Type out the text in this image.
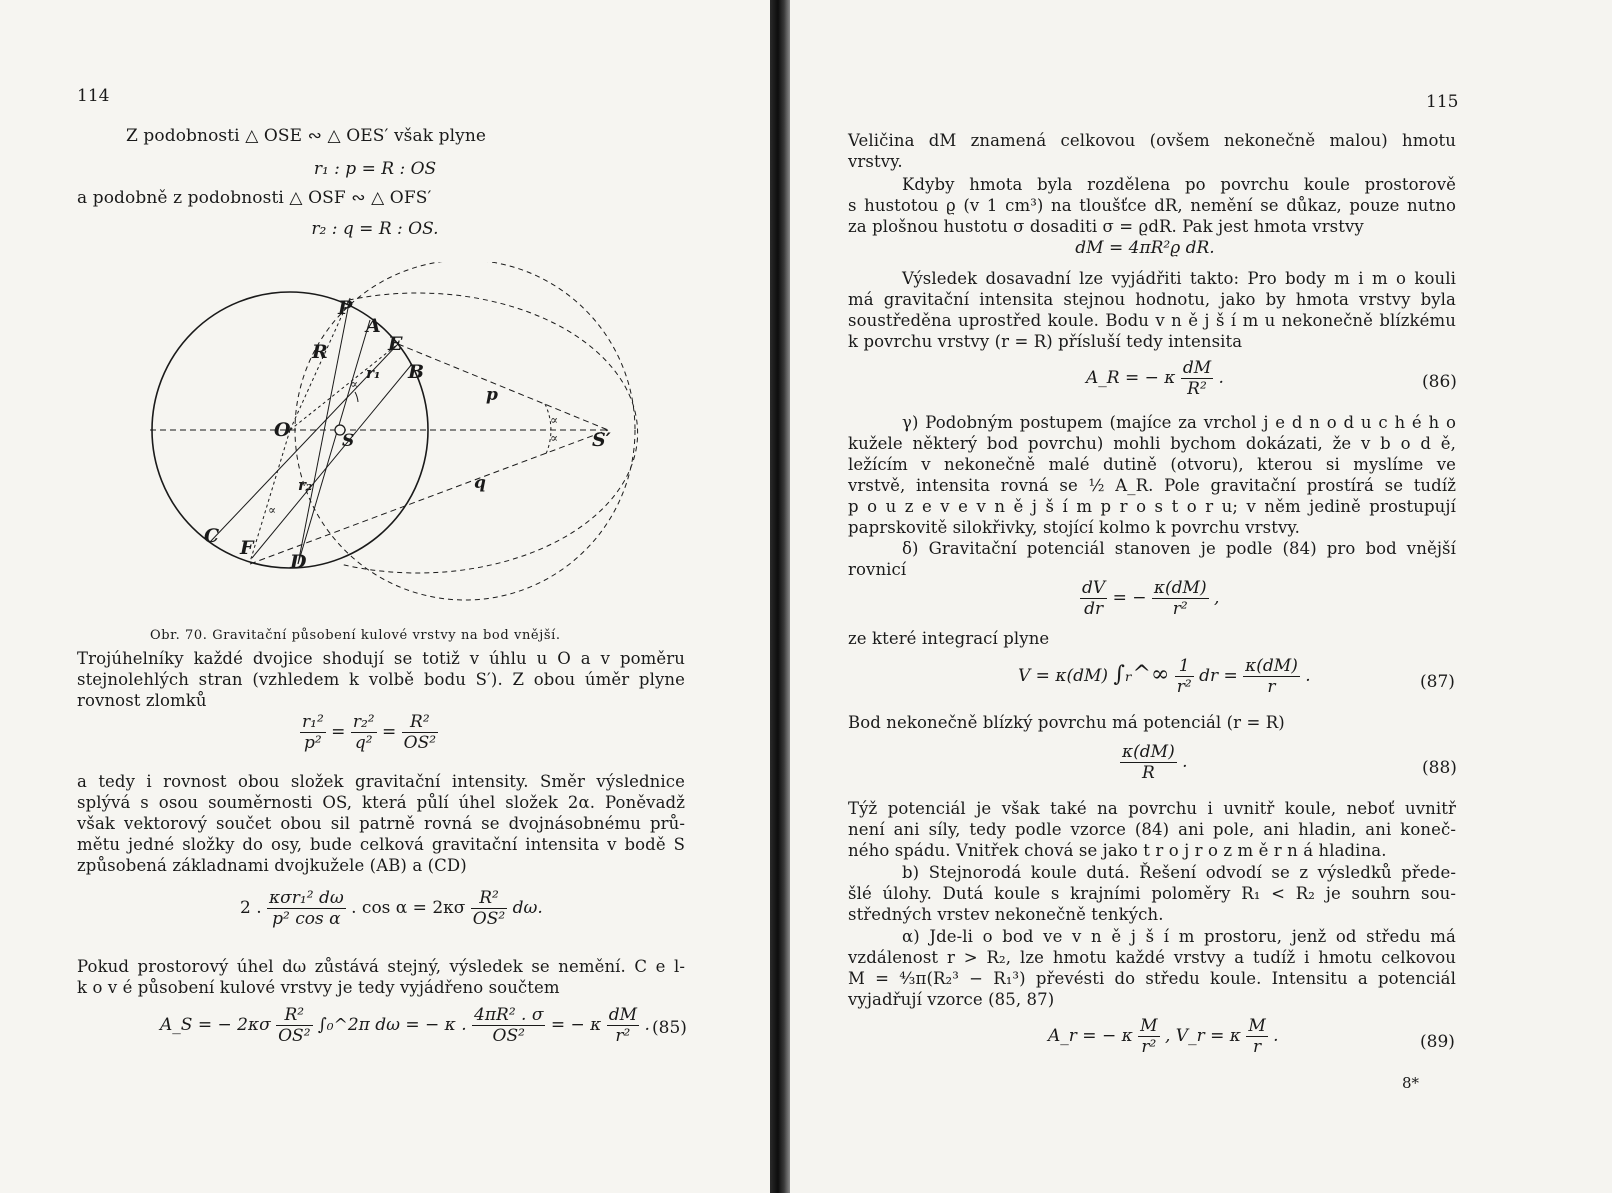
114
Z podobnosti △ OSE ∾ △ OES′ však plyne
r₁ : p = R : OS
a podobně z podobnosti △ OSF ∾ △ OFS′
r₂ : q = R : OS.
P
A
E
B
R
r₁
∝
O	S	S′
p
∝
∝
q
r₂
∝
C
F
D
Obr. 70. Gravitační působení kulové vrstvy na bod vnější.
Trojúhelníky každé dvojice shodují se totiž v úhlu u O a v poměru
stejnolehlých stran (vzhledem k volbě bodu S′). Z obou úměr plyne
rovnost zlomků
$\frac{\text{r₁²}}{\text{p²}} = \frac{\text{r₂²}}{\text{q²}} = \frac{\text{R²}}{\text{OS²}}$
a tedy i rovnost obou složek gravitační intensity. Směr výslednice
splývá s osou souměrnosti OS, která půlí úhel složek 2α. Poněvadž
však vektorový součet obou sil patrně rovná se dvojnásobnému prů-
mětu jedné složky do osy, bude celková gravitační intensita v bodě S
způsobená základnami dvojkužele (AB) a (CD)
2 . $\frac{\text{κσr₁² dω}}{\text{p² cos α}}$ . $\cos \alpha = 2\kappa\sigma \frac{\text{R²}}{\text{OS²}} d\omega$.
Pokud prostorový úhel dω zůstává stejný, výsledek se nemění. C e l-
k o v é působení kulové vrstvy je tedy vyjádřeno součtem
A_S = − $2\kappa\sigma \frac{\text{R²}}{\text{OS²}}$ ∫₀^2π dω = − κ . $\frac{\text{4πR² . σ}}{\text{OS²}}$ = − κ $\frac{dM}{\text{r²}}$ . (85)
115
Veličina dM znamená celkovou (ovšem nekonečně malou) hmotu
vrstvy.
Kdyby hmota byla rozdělena po povrchu koule prostorově
s hustotou ϱ (v 1 cm³) na tloušťce dR, nemění se důkaz, pouze nutno
za plošnou hustotu σ dosaditi σ = ϱdR. Pak jest hmota vrstvy
dM = 4πR²ϱ dR.
Výsledek dosavadní lze vyjádřiti takto: Pro body m i m o kouli
má gravitační intensita stejnou hodnotu, jako by hmota vrstvy byla
soustředěna uprostřed koule. Bodu v n ě j š í m u nekonečně blízkému
k povrchu vrstvy (r = R) přísluší tedy intensita
A_R = − κ $\frac{dM}{\text{R²}}$ .	(86)
γ) Podobným postupem (majíce za vrchol j e d n o d u c h é h o
kužele některý bod povrchu) mohli bychom dokázati, že v b o d ě,
ležícím v nekonečně malé dutině (otvoru), kterou si myslíme ve
vrstvě, intensita rovná se ½ A_R. Pole gravitační prostírá se tudíž
p o u z e v e v n ě j š í m p r o s t o r u; v něm jedině prostupují
paprskovitě silokřivky, stojící kolmo k povrchu vrstvy.
δ) Gravitační potenciál stanoven je podle (84) pro bod vnější
rovnicí
$\frac{dV}{dr}$ = − $\frac{\kappa(dM)}{\text{r²}}$ ,
ze které integrací plyne
V = κ(dM) ∫ᵣ^∞ $\frac{1}{\text{r²}}$ dr = $\frac{\kappa(dM)}{r}$ .	(87)
Bod nekonečně blízký povrchu má potenciál (r = R)
$\frac{\kappa(dM)}{R}$ .	(88)
Týž potenciál je však také na povrchu i uvnitř koule, neboť uvnitř
není ani síly, tedy podle vzorce (84) ani pole, ani hladin, ani koneč-
ného spádu. Vnitřek chová se jako t r o j r o z m ě r n á hladina.
b) Stejnorodá koule dutá. Řešení odvodí se z výsledků přede-
šlé úlohy. Dutá koule s krajními poloměry R₁ < R₂ je souhrn sou-
středných vrstev nekonečně tenkých.
α) Jde-li o bod ve v n ě j š í m prostoru, jenž od středu má
vzdálenost r > R₂, lze hmotu každé vrstvy a tudíž i hmotu celkovou
M = ⁴⁄₃π(R₂³ − R₁³) převésti do středu koule. Intensitu a potenciál
vyjadřují vzorce (85, 87)
A_r = − κ $\frac{M}{\text{r²}}$ , V_r = κ $\frac{M}{r}$ .	(89)
8*
